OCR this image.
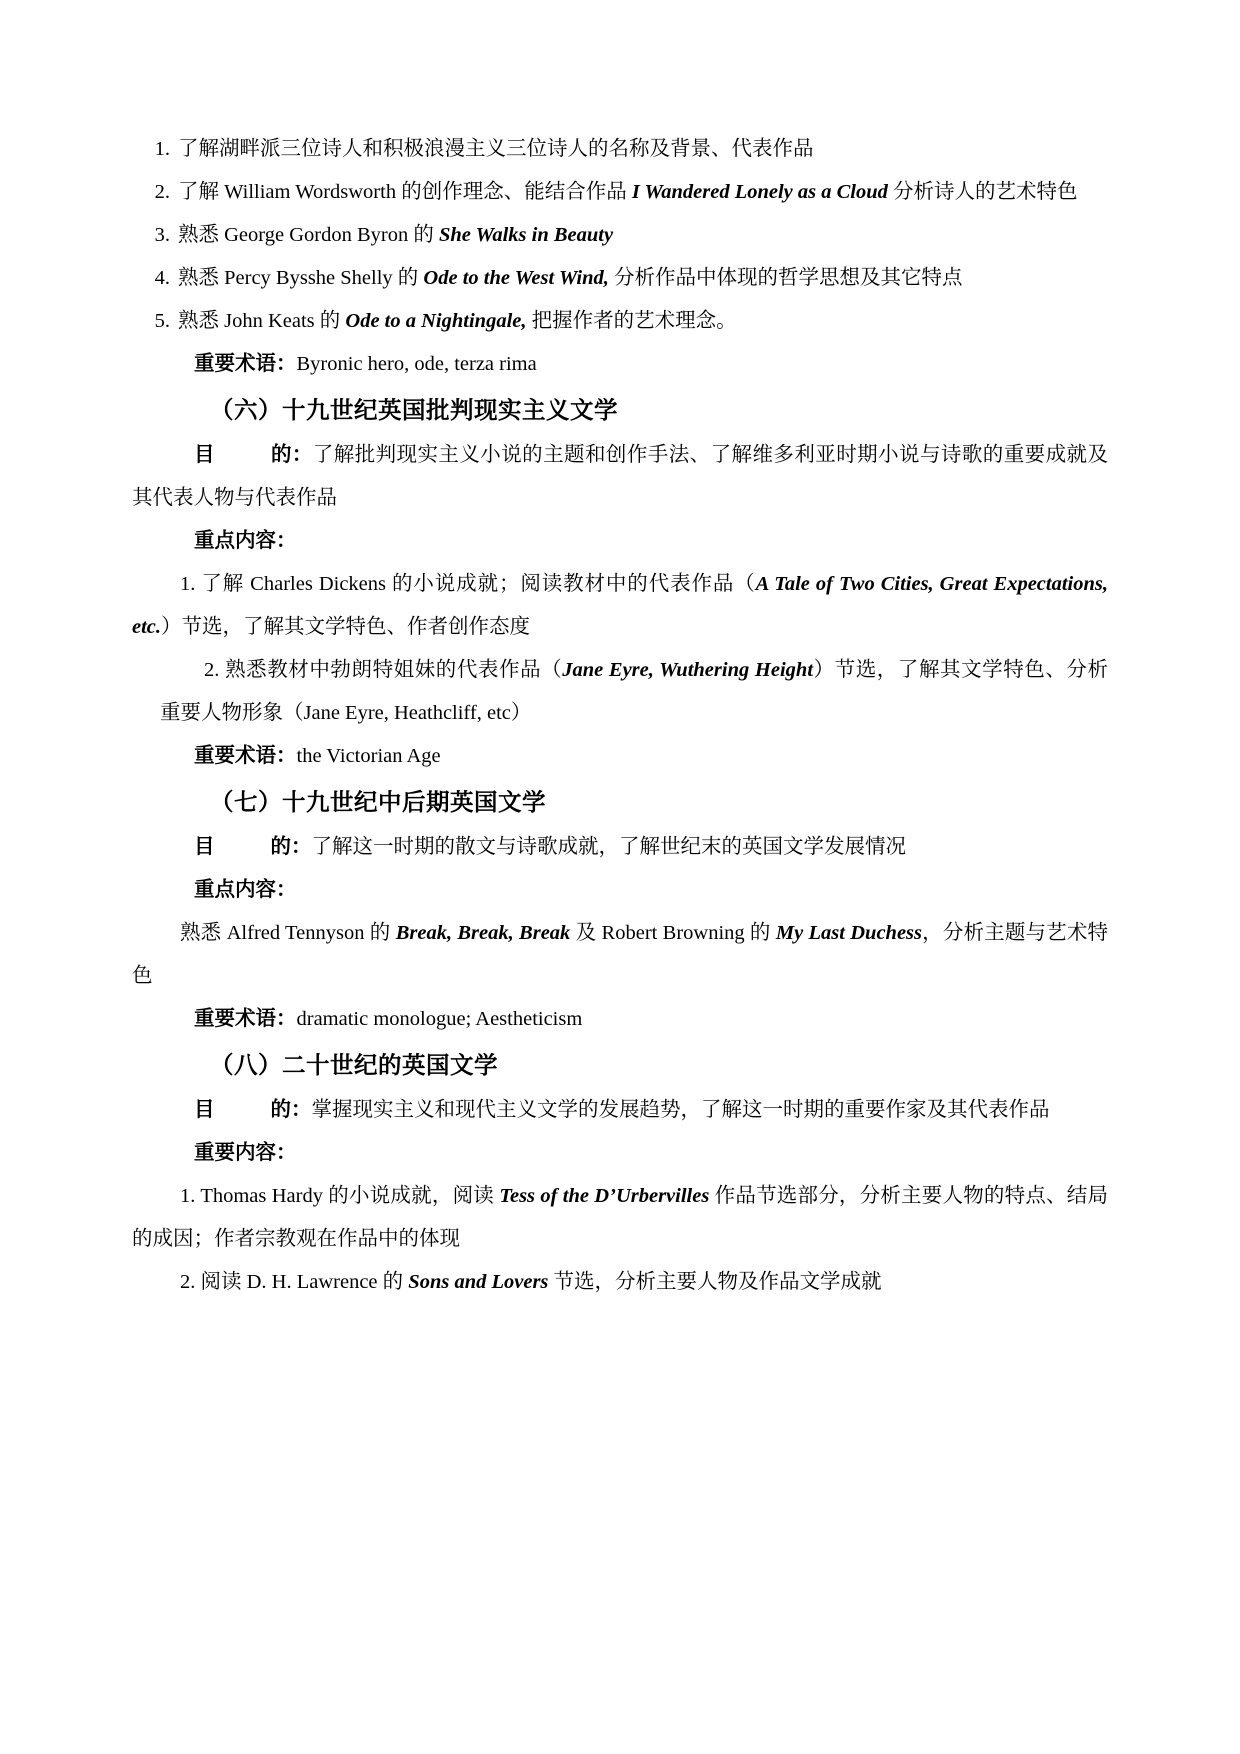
1. 了解湖畔派三位诗人和积极浪漫主义三位诗人的名称及背景、代表作品
2. 了解 William Wordsworth 的创作理念、能结合作品 I Wandered Lonely as a Cloud 分析诗人的艺术特色
3. 熟悉 George Gordon Byron 的 She Walks in Beauty
4. 熟悉 Percy Bysshe Shelly 的 Ode to the West Wind, 分析作品中体现的哲学思想及其它特点
5. 熟悉 John Keats 的 Ode to a Nightingale, 把握作者的艺术理念。
重要术语：Byronic hero, ode, terza rima
（六）十九世纪英国批判现实主义文学
目	的：了解批判现实主义小说的主题和创作手法、了解维多利亚时期小说与诗歌的重要成就及其代表人物与代表作品
重点内容：
1. 了解 Charles Dickens 的小说成就；阅读教材中的代表作品（A Tale of Two Cities, Great Expectations, etc.）节选，了解其文学特色、作者创作态度
2. 熟悉教材中勃朗特姐妹的代表作品（Jane Eyre, Wuthering Height）节选，了解其文学特色、分析重要人物形象（Jane Eyre, Heathcliff, etc）
重要术语：the Victorian Age
（七）十九世纪中后期英国文学
目	的：了解这一时期的散文与诗歌成就，了解世纪末的英国文学发展情况
重点内容：
熟悉 Alfred Tennyson 的 Break, Break, Break 及 Robert Browning 的 My Last Duchess，分析主题与艺术特色
重要术语：dramatic monologue; Aestheticism
（八）二十世纪的英国文学
目	的：掌握现实主义和现代主义文学的发展趋势，了解这一时期的重要作家及其代表作品
重要内容：
1. Thomas Hardy 的小说成就，阅读 Tess of the D’Urbervilles 作品节选部分，分析主要人物的特点、结局的成因；作者宗教观在作品中的体现
2. 阅读 D. H. Lawrence 的 Sons and Lovers 节选，分析主要人物及作品文学成就
